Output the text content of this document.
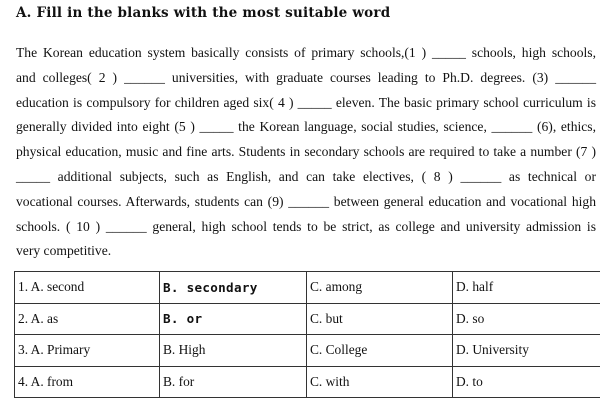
A. Fill in the blanks with the most suitable word
The Korean education system basically consists of primary schools,(1 ) _____ schools, high schools,
and colleges( 2 ) ______ universities, with graduate courses leading to Ph.D. degrees. (3) ______
education is compulsory for children aged six( 4 ) _____ eleven. The basic primary school curriculum is
generally divided into eight (5 ) _____ the Korean language, social studies, science, ______ (6), ethics,
physical education, music and fine arts. Students in secondary schools are required to take a number (7 )
_____ additional subjects, such as English, and can take electives, ( 8 ) ______ as technical or
vocational courses. Afterwards, students can (9) ______ between general education and vocational high
schools. ( 10 ) ______ general, high school tends to be strict, as college and university admission is
very competitive.
1. A. second	B. secondary	C. among	D. half
2. A. as	B. or	C. but	D. so
3. A. Primary	B. High	C. College	D. University
4. A. from	B. for	C. with	D. to
